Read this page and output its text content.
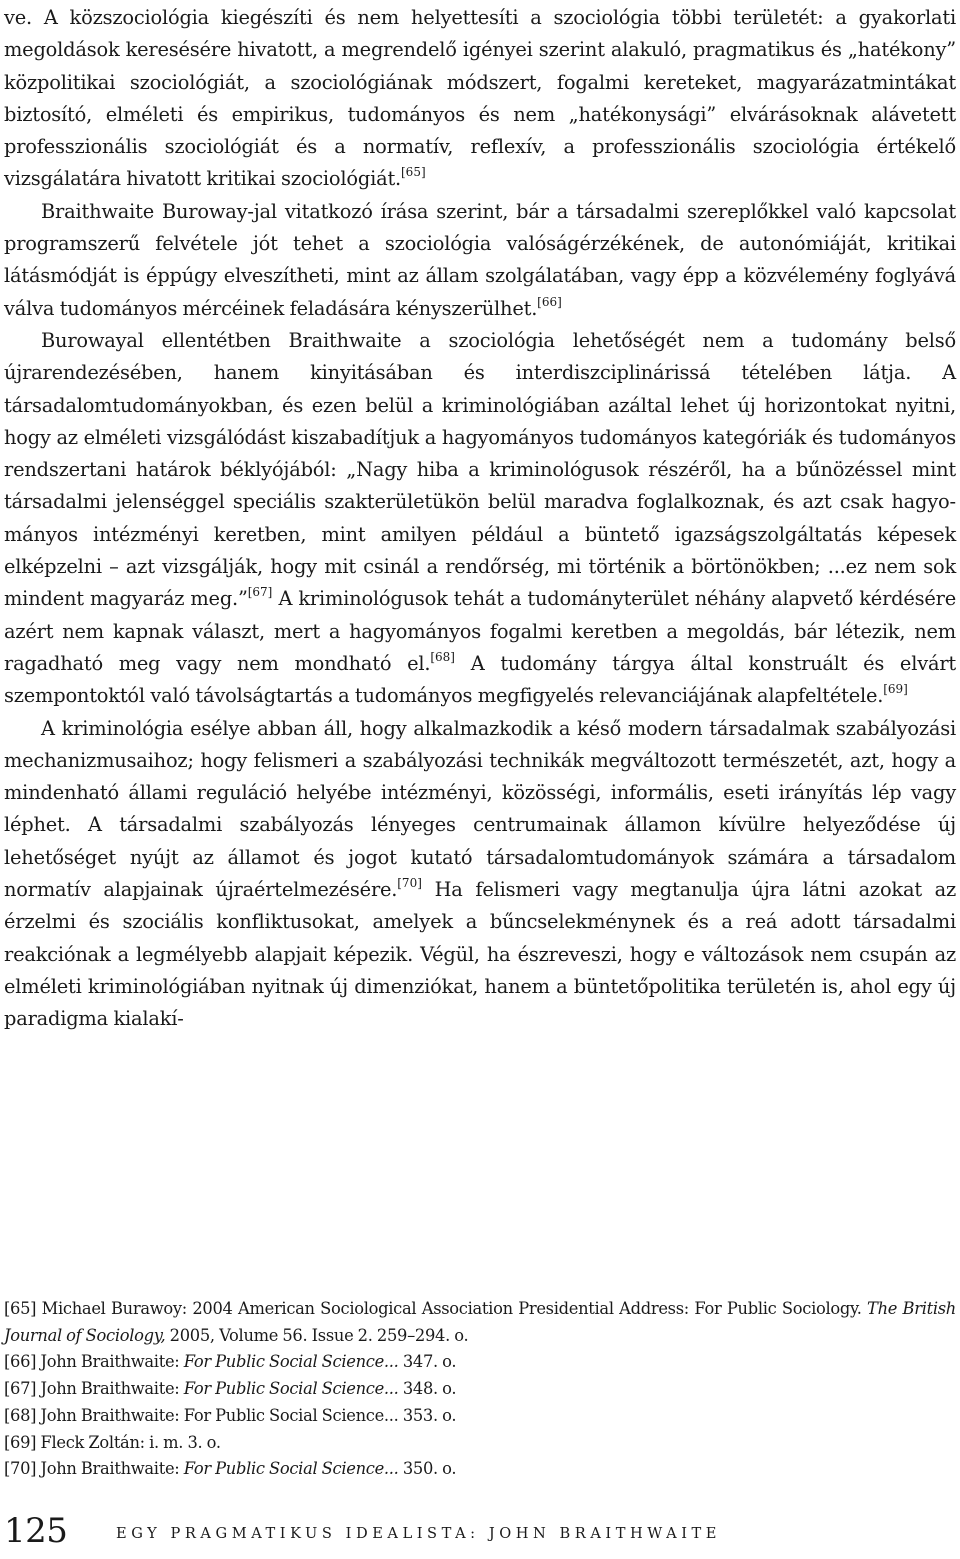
ve. A közszociológia kiegészíti és nem helyettesíti a szociológia többi területét: a gyakorlati megoldások keresésére hivatott, a megrendelő igényei szerint alakuló, pragmatikus és „hatékony” közpolitikai szociológiát, a szociológiának módszert, fogalmi kereteket, magyarázatmintákat biztosító, elméleti és empirikus, tudományos és nem „hatékonysági” elvárásoknak alávetett professzionális szociológiát és a normatív, reflexív, a professzionális szociológia értékelő vizsgálatára hivatott kritikai szociológiát.[65]

Braithwaite Buroway-jal vitatkozó írása szerint, bár a társadalmi szereplőkkel való kapcsolat programszerű felvétele jót tehet a szociológia valóságérzékének, de autonómiáját, kritikai látásmódját is éppúgy elveszítheti, mint az állam szolgálatában, vagy épp a közvélemény foglyává válva tudományos mércéinek feladására kényszerülhet.[66]

Burowayal ellentétben Braithwaite a szociológia lehetőségét nem a tudomány belső újrarendezésében, hanem kinyitásában és interdiszciplinárissá tételében látja. A társadalomtudományokban, és ezen belül a kriminológiában azáltal lehet új horizontokat nyitni, hogy az elméleti vizsgálódást kiszabadítjuk a hagyományos tudományos kategóriák és tudományos rendszertani határok béklyójából: „Nagy hiba a kriminológusok részéről, ha a bűnözéssel mint társadalmi jelenséggel speciális szakterületükön belül maradva foglalkoznak, és azt csak hagyományos intézményi keretben, mint amilyen például a büntető igazságszolgáltatás képesek elképzelni – azt vizsgálják, hogy mit csinál a rendőrség, mi történik a börtönökben; ...ez nem sok mindent magyaráz meg.”[67] A kriminológusok tehát a tudományterület néhány alapvető kérdésére azért nem kapnak választ, mert a hagyományos fogalmi keretben a megoldás, bár létezik, nem ragadható meg vagy nem mondható el.[68] A tudomány tárgya által konstruált és elvárt szempontoktól való távolságtartás a tudományos megfigyelés relevanciájának alapfeltétele.[69]

A kriminológia esélye abban áll, hogy alkalmazkodik a késő modern társadalmak szabályozási mechanizmusaihoz; hogy felismeri a szabályozási technikák megváltozott természetét, azt, hogy a mindenható állami reguláció helyébe intézményi, közösségi, informális, eseti irányítás lép vagy léphet. A társadalmi szabályozás lényeges centrumainak államon kívülre helyeződése új lehetőséget nyújt az államot és jogot kutató társadalomtudományok számára a társadalom normatív alapjainak újraértelmezésére.[70] Ha felismeri vagy megtanulja újra látni azokat az érzelmi és szociális konfliktusokat, amelyek a bűncselekménynek és a reá adott társadalmi reakciónak a legmélyebb alapjait képezik. Végül, ha észreveszi, hogy e változások nem csupán az elméleti kriminológiában nyitnak új dimenziókat, hanem a büntetőpolitika területén is, ahol egy új paradigma kialakí-

[65] Michael Burawoy: 2004 American Sociological Association Presidential Address: For Public Sociology. The British Journal of Sociology, 2005, Volume 56. Issue 2. 259–294. o.

[66] John Braithwaite: For Public Social Science... 347. o.

[67] John Braithwaite: For Public Social Science... 348. o.

[68] John Braithwaite: For Public Social Science... 353. o.

[69] Fleck Zoltán: i. m. 3. o.

[70] John Braithwaite: For Public Social Science... 350. o.

125	EGY PRAGMATIKUS IDEALISTA: JOHN BRAITHWAITE
